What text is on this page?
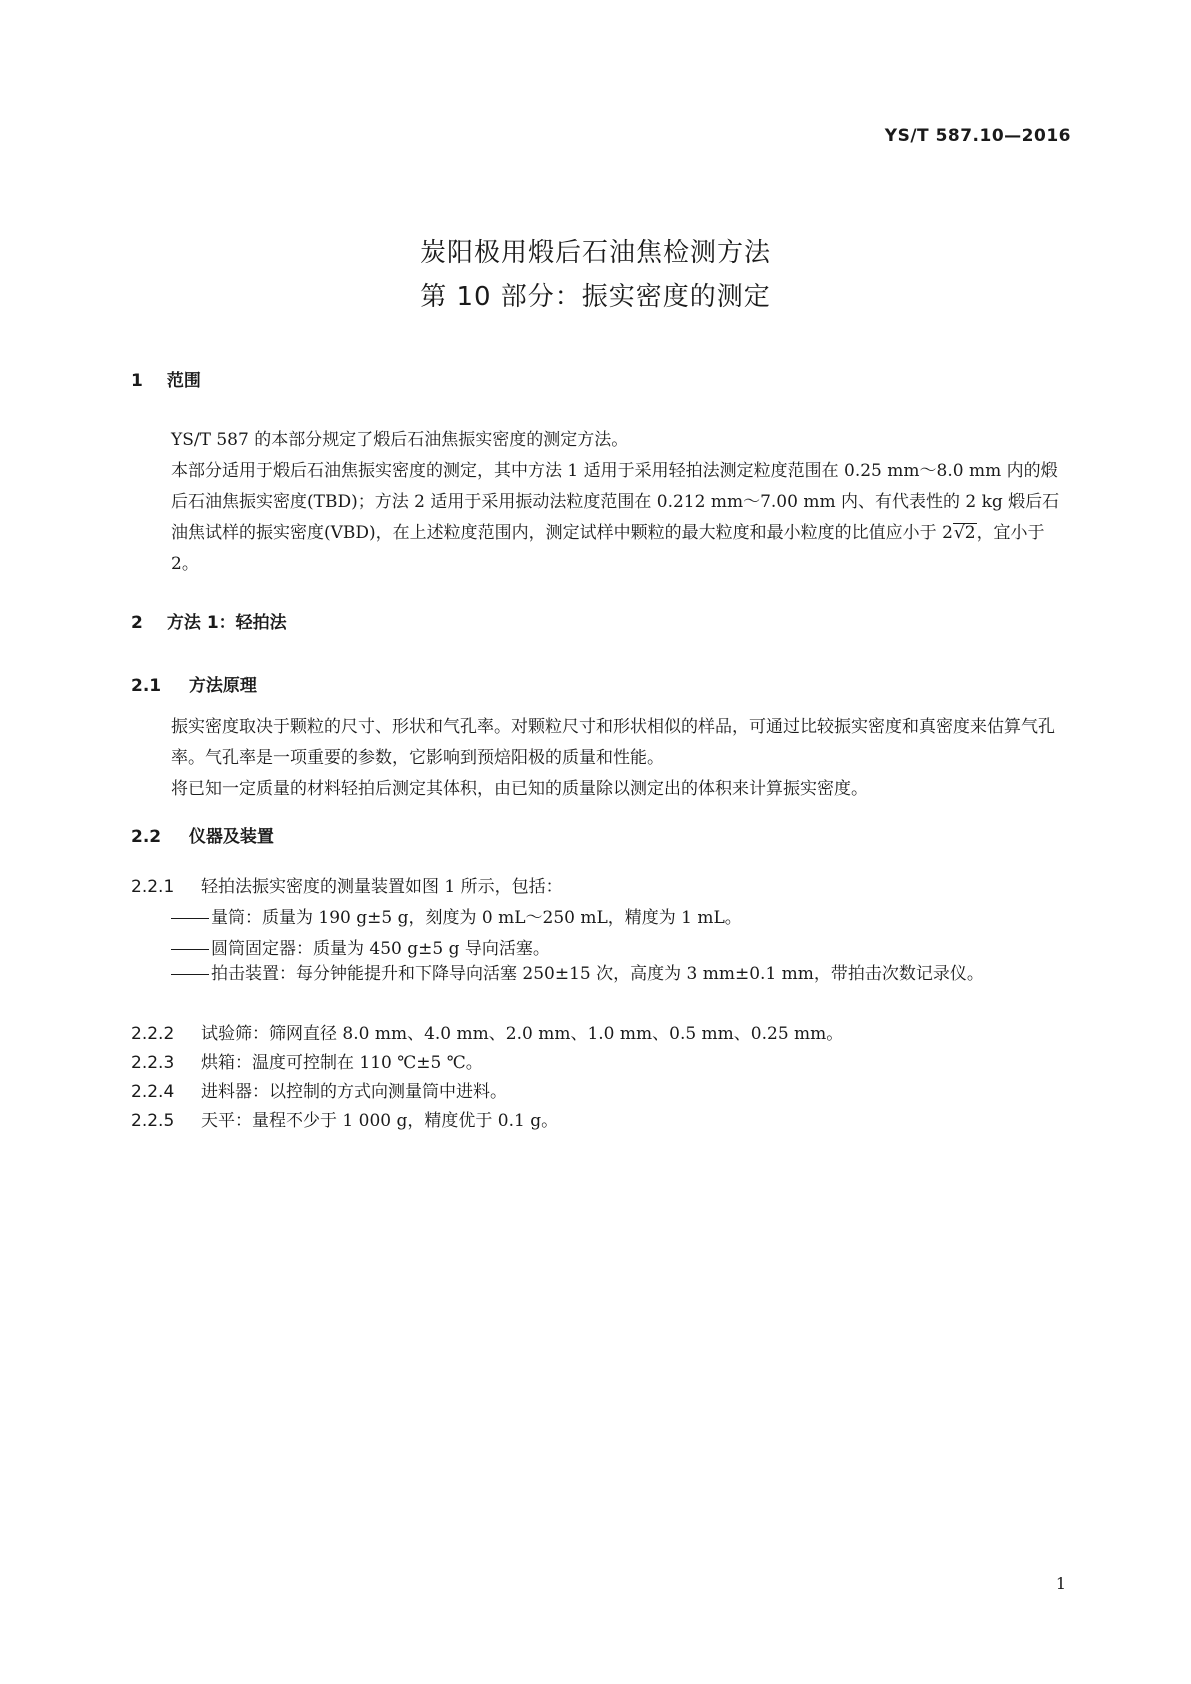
YS/T 587.10—2016
炭阳极用煅后石油焦检测方法
第 10 部分：振实密度的测定
1 范围
YS/T 587 的本部分规定了煅后石油焦振实密度的测定方法。
本部分适用于煅后石油焦振实密度的测定，其中方法 1 适用于采用轻拍法测定粒度范围在 0.25 mm～8.0 mm 内的煅后石油焦振实密度(TBD)；方法 2 适用于采用振动法粒度范围在 0.212 mm～7.00 mm 内、有代表性的 2 kg 煅后石油焦试样的振实密度(VBD)，在上述粒度范围内，测定试样中颗粒的最大粒度和最小粒度的比值应小于 2√2，宜小于 2。
2 方法 1：轻拍法
2.1 方法原理
振实密度取决于颗粒的尺寸、形状和气孔率。对颗粒尺寸和形状相似的样品，可通过比较振实密度和真密度来估算气孔率。气孔率是一项重要的参数，它影响到预焙阳极的质量和性能。
将已知一定质量的材料轻拍后测定其体积，由已知的质量除以测定出的体积来计算振实密度。
2.2 仪器及装置
2.2.1 轻拍法振实密度的测量装置如图 1 所示，包括：
量筒：质量为 190 g±5 g，刻度为 0 mL～250 mL，精度为 1 mL。
圆筒固定器：质量为 450 g±5 g 导向活塞。
拍击装置：每分钟能提升和下降导向活塞 250±15 次，高度为 3 mm±0.1 mm，带拍击次数记录仪。
2.2.2 试验筛：筛网直径 8.0 mm、4.0 mm、2.0 mm、1.0 mm、0.5 mm、0.25 mm。
2.2.3 烘箱：温度可控制在 110 ℃±5 ℃。
2.2.4 进料器：以控制的方式向测量筒中进料。
2.2.5 天平：量程不少于 1 000 g，精度优于 0.1 g。
1
